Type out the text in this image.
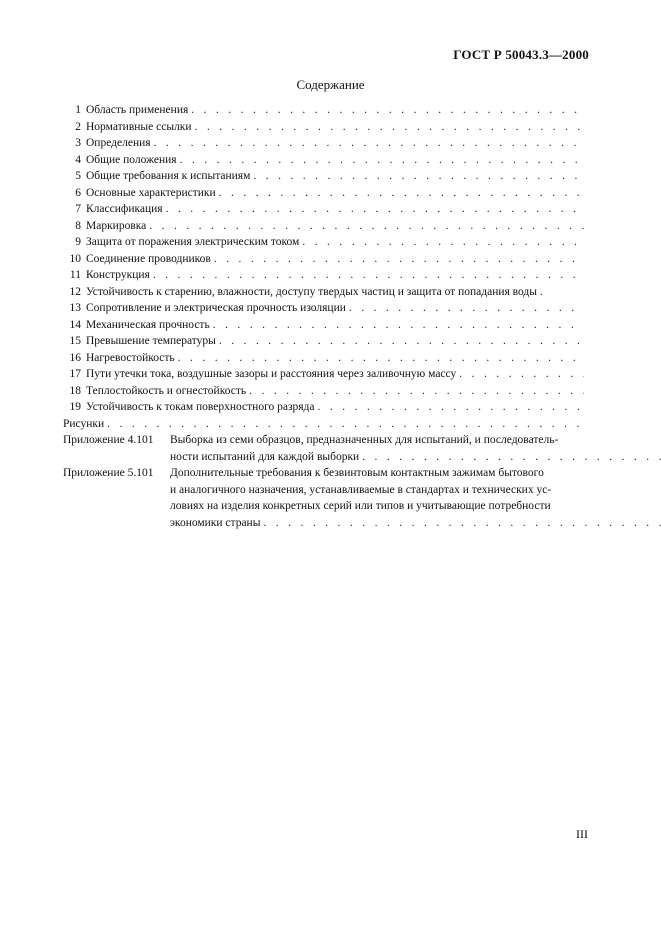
ГОСТ Р 50043.3—2000
Содержание
1 Область применения
. . .
2 Нормативные ссылки
. . .
3 Определения
. . .
4 Общие положения
. . .
5 Общие требования к испытаниям
. . .
6 Основные характеристики
. . .
7 Классификация
. . .
8 Маркировка
. . .
9 Защита от поражения электрическим током
. . .
10 Соединение проводников
. . .
11 Конструкция
. . .
12 Устойчивость к старению, влажности, доступу твердых частиц и защита от попадания воды .
13 Сопротивление и электрическая прочность изоляции
. . .
14 Механическая прочность
. . .
15 Превышение температуры
. . .
16 Нагревостойкость
. . .
17 Пути утечки тока, воздушные зазоры и расстояния через заливочную массу
. . .
18 Теплостойкость и огнестойкость
. . .
19 Устойчивость к токам поверхностного разряда
. . .
Рисунки
. . .
Приложение 4.101	Выборка из семи образцов, предназначенных для испытаний, и последователь-
ности испытаний для каждой выборки
. . .
Приложение 5.101	Дополнительные требования к безвинтовым контактным зажимам бытового
и аналогичного назначения, устанавливаемые в стандартах и технических ус-
ловиях на изделия конкретных серий или типов и учитывающие потребности
экономики страны
. . .
III
